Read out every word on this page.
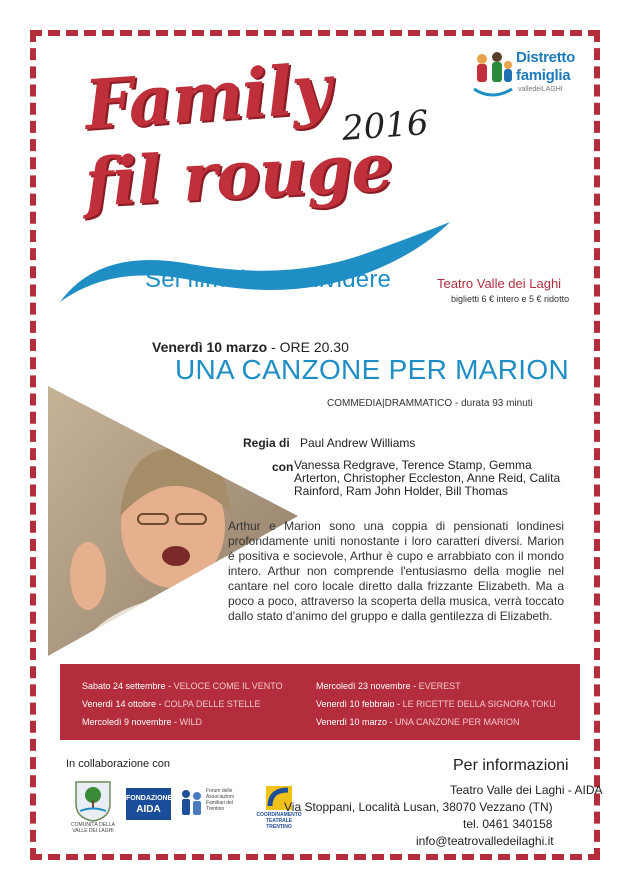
Distretto
famiglia
valledeiLAGHI
Family
fil rouge
2016
Sei film da condividere	Teatro Valle dei Laghi
biglietti 6 € intero e 5 € ridotto
Venerdì 10 marzo - ORE 20.30
UNA CANZONE PER MARION
COMMEDIA|DRAMMATICO - durata 93 minuti
Regia di Paul Andrew Williams
con Vanessa Redgrave, Terence Stamp, Gemma Arterton, Christopher Eccleston, Anne Reid, Calita Rainford, Ram John Holder, Bill Thomas
Arthur e Marion sono una coppia di pensionati londinesi profondamente uniti nonostante i loro caratteri diversi. Marion è positiva e socievole, Arthur è cupo e arrabbiato con il mondo intero. Arthur non comprende l'entusiasmo della moglie nel cantare nel coro locale diretto dalla frizzante Elizabeth. Ma a poco a poco, attraverso la scoperta della musica, verrà toccato dallo stato d'animo del gruppo e dalla gentilezza di Elizabeth.
Sabato 24 settembre - VELOCE COME IL VENTO
Venerdì 14 ottobre - COLPA DELLE STELLE
Mercoledì 9 novembre - WILD
Mercoledì 23 novembre - EVEREST
Venerdì 10 febbraio - LE RICETTE DELLA SIGNORA TOKU
Venerdì 10 marzo - UNA CANZONE PER MARION
In collaborazione con
COMUNITÀ DELLA VALLE DEI LAGHI
FONDAZIONE
AIDA
Forum delle Associazioni Familiari del Trentino
COORDINAMENTO TEATRALE TRENTINO
Per informazioni
Teatro Valle dei Laghi - AIDA
Via Stoppani, Località Lusan, 38070 Vezzano (TN)
tel. 0461 340158
info@teatrovalledeilaghi.it
